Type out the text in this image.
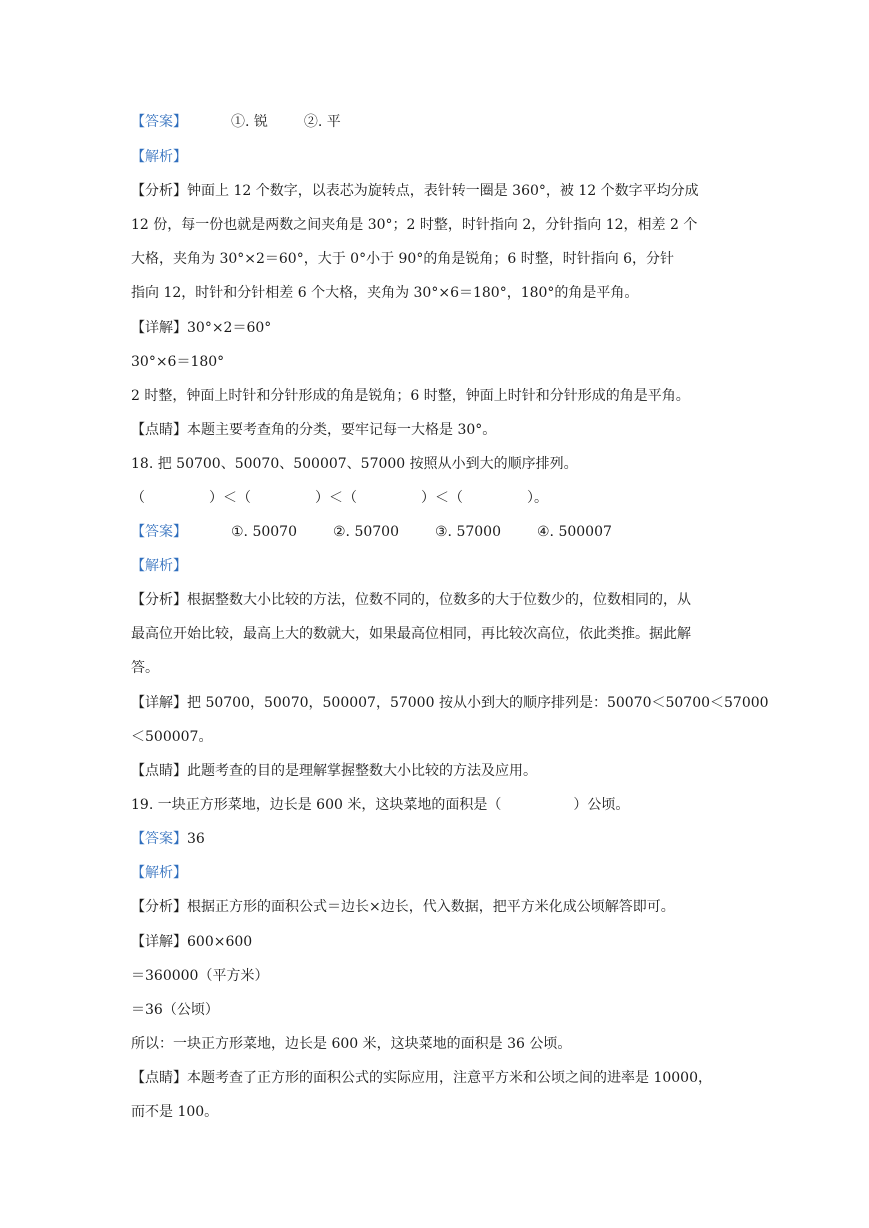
【答案】	①. 锐	②. 平
【解析】
【分析】钟面上 12 个数字，以表芯为旋转点，表针转一圈是 360°，被 12 个数字平均分成
12 份，每一份也就是两数之间夹角是 30°；2 时整，时针指向 2，分针指向 12，相差 2 个
大格，夹角为 30°×2＝60°，大于 0°小于 90°的角是锐角；6 时整，时针指向 6，分针
指向 12，时针和分针相差 6 个大格，夹角为 30°×6＝180°，180°的角是平角。
【详解】30°×2＝60°
30°×6＝180°
2 时整，钟面上时针和分针形成的角是锐角；6 时整，钟面上时针和分针形成的角是平角。
【点睛】本题主要考查角的分类，要牢记每一大格是 30°。
18. 把 50700、50070、500007、57000 按照从小到大的顺序排列。
（	）＜（	）＜（	）＜（	）。
【答案】	①. 50070	②. 50700	③. 57000	④. 500007
【解析】
【分析】根据整数大小比较的方法，位数不同的，位数多的大于位数少的，位数相同的，从
最高位开始比较，最高上大的数就大，如果最高位相同，再比较次高位，依此类推。据此解
答。
【详解】把 50700，50070，500007，57000 按从小到大的顺序排列是：50070＜50700＜57000
＜500007。
【点睛】此题考查的目的是理解掌握整数大小比较的方法及应用。
19. 一块正方形菜地，边长是 600 米，这块菜地的面积是（	）公顷。
【答案】36
【解析】
【分析】根据正方形的面积公式＝边长×边长，代入数据，把平方米化成公顷解答即可。
【详解】600×600
＝360000（平方米）
＝36（公顷）
所以：一块正方形菜地，边长是 600 米，这块菜地的面积是 36 公顷。
【点睛】本题考查了正方形的面积公式的实际应用，注意平方米和公顷之间的进率是 10000，
而不是 100。
